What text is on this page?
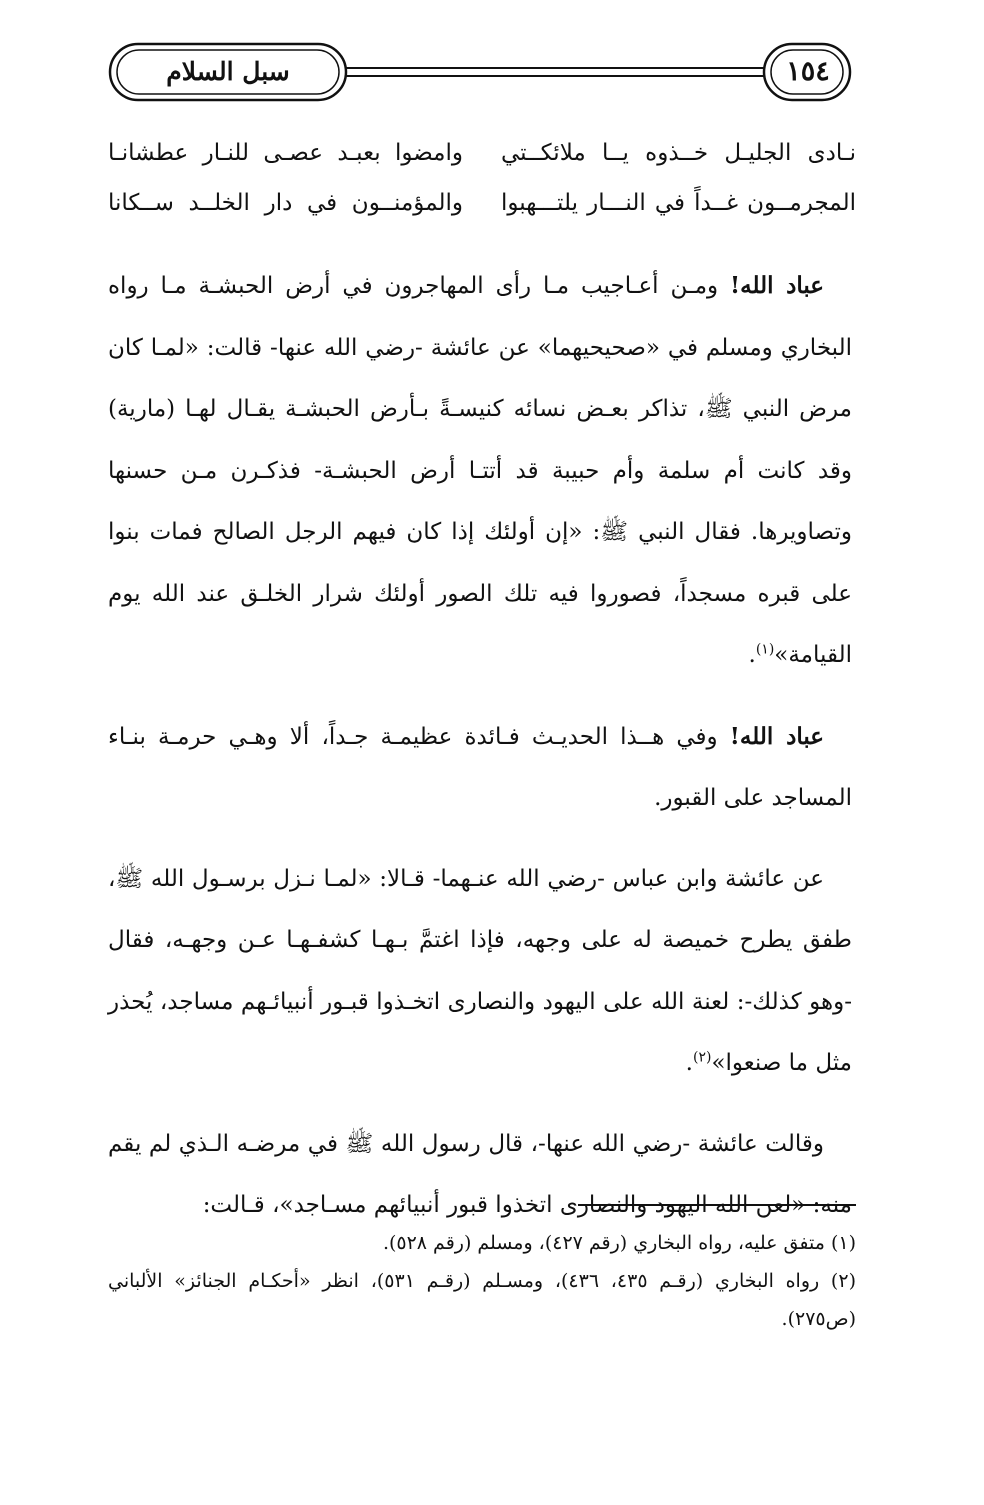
سبل السلام	١٥٤
نـادى الجليـل خــذوه يــا ملائكــتي
وامضوا بعبـد عصـى للنـار عطشانـا
المجرمــون غــداً في النـــار يلتـــهبوا
والمؤمنــون في دار الخلــد ســكانا

عباد الله! ومـن أعـاجيب مـا رأى المهاجرون في أرض الحبشـة مـا رواه البخاري ومسلم في «صحيحيهما» عن عائشة -رضي الله عنها- قالت: «لمـا كان مرض النبي ﷺ، تذاكر بعـض نسائه كنيسـةً بـأرض الحبشـة يقـال لهـا (مارية) وقد كانت أم سلمة وأم حبيبة قد أتتـا أرض الحبشـة- فذكـرن مـن حسنها وتصاويرها. فقال النبي ﷺ: «إن أولئك إذا كان فيهم الرجل الصالح فمات بنوا على قبره مسجداً، فصوروا فيه تلك الصور أولئك شرار الخلـق عند الله يوم القيامة»$^{(١)}$.

عباد الله! وفي هــذا الحديـث فـائدة عظيمـة جـداً، ألا وهـي حرمـة بنـاء المساجد على القبور.

عن عائشة وابن عباس -رضي الله عنـهما- قـالا: «لمـا نـزل برسـول الله ﷺ، طفق يطرح خميصة له على وجهه، فإذا اغتمَّ بـهـا كشفـهـا عـن وجهـه، فقال -وهو كذلك-: لعنة الله على اليهود والنصارى اتخـذوا قبـور أنبيائـهم مساجد، يُحذر مثل ما صنعوا»$^{(٢)}$.

وقالت عائشة -رضي الله عنها-، قال رسول الله ﷺ في مرضـه الـذي لم يقم منه: «لعن الله اليهود والنصارى اتخذوا قبور أنبيائهم مسـاجد»، قـالت:

(١) متفق عليه، رواه البخاري (رقم ٤٢٧)، ومسلم (رقم ٥٢٨).

(٢) رواه البخاري (رقـم ٤٣٥، ٤٣٦)، ومسـلم (رقـم ٥٣١)، انظر «أحكـام الجنائز» الألباني (ص٢٧٥).
